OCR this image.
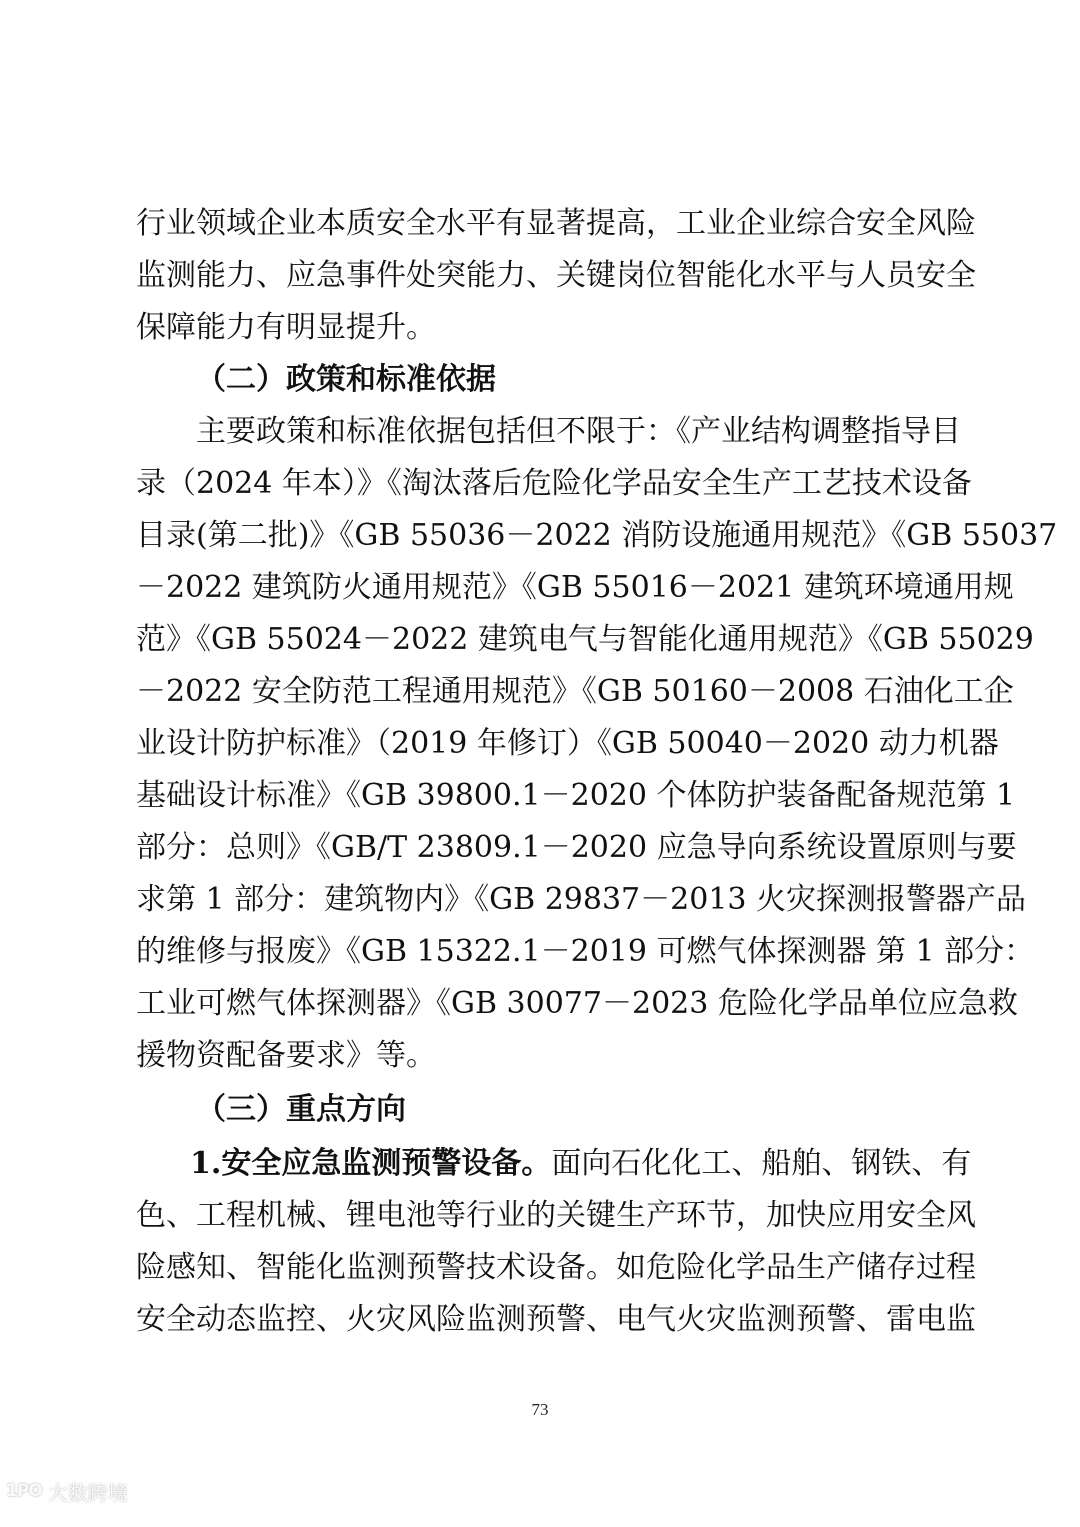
行业领域企业本质安全水平有显著提高，工业企业综合安全风险
监测能力、应急事件处突能力、关键岗位智能化水平与人员安全
保障能力有明显提升。
（二）政策和标准依据
主要政策和标准依据包括但不限于：《产业结构调整指导目
录（2024 年本）》《淘汰落后危险化学品安全生产工艺技术设备
目录(第二批)》《GB 55036－2022 消防设施通用规范》《GB 55037
－2022 建筑防火通用规范》《GB 55016－2021 建筑环境通用规
范》《GB 55024－2022 建筑电气与智能化通用规范》《GB 55029
－2022 安全防范工程通用规范》《GB 50160－2008 石油化工企
业设计防护标准》（2019 年修订）《GB 50040－2020 动力机器
基础设计标准》《GB 39800.1－2020 个体防护装备配备规范第 1
部分：总则》《GB/T 23809.1－2020 应急导向系统设置原则与要
求第 1 部分：建筑物内》《GB 29837－2013 火灾探测报警器产品
的维修与报废》《GB 15322.1－2019 可燃气体探测器 第 1 部分：
工业可燃气体探测器》《GB 30077－2023 危险化学品单位应急救
援物资配备要求》等。
（三）重点方向
1.安全应急监测预警设备。 面向石化化工、船舶、钢铁、有
色、工程机械、锂电池等行业的关键生产环节，加快应用安全风
险感知、智能化监测预警技术设备。如危险化学品生产储存过程
安全动态监控、火灾风险监测预警、电气火灾监测预警、雷电监
73
1PO 大数跨境
